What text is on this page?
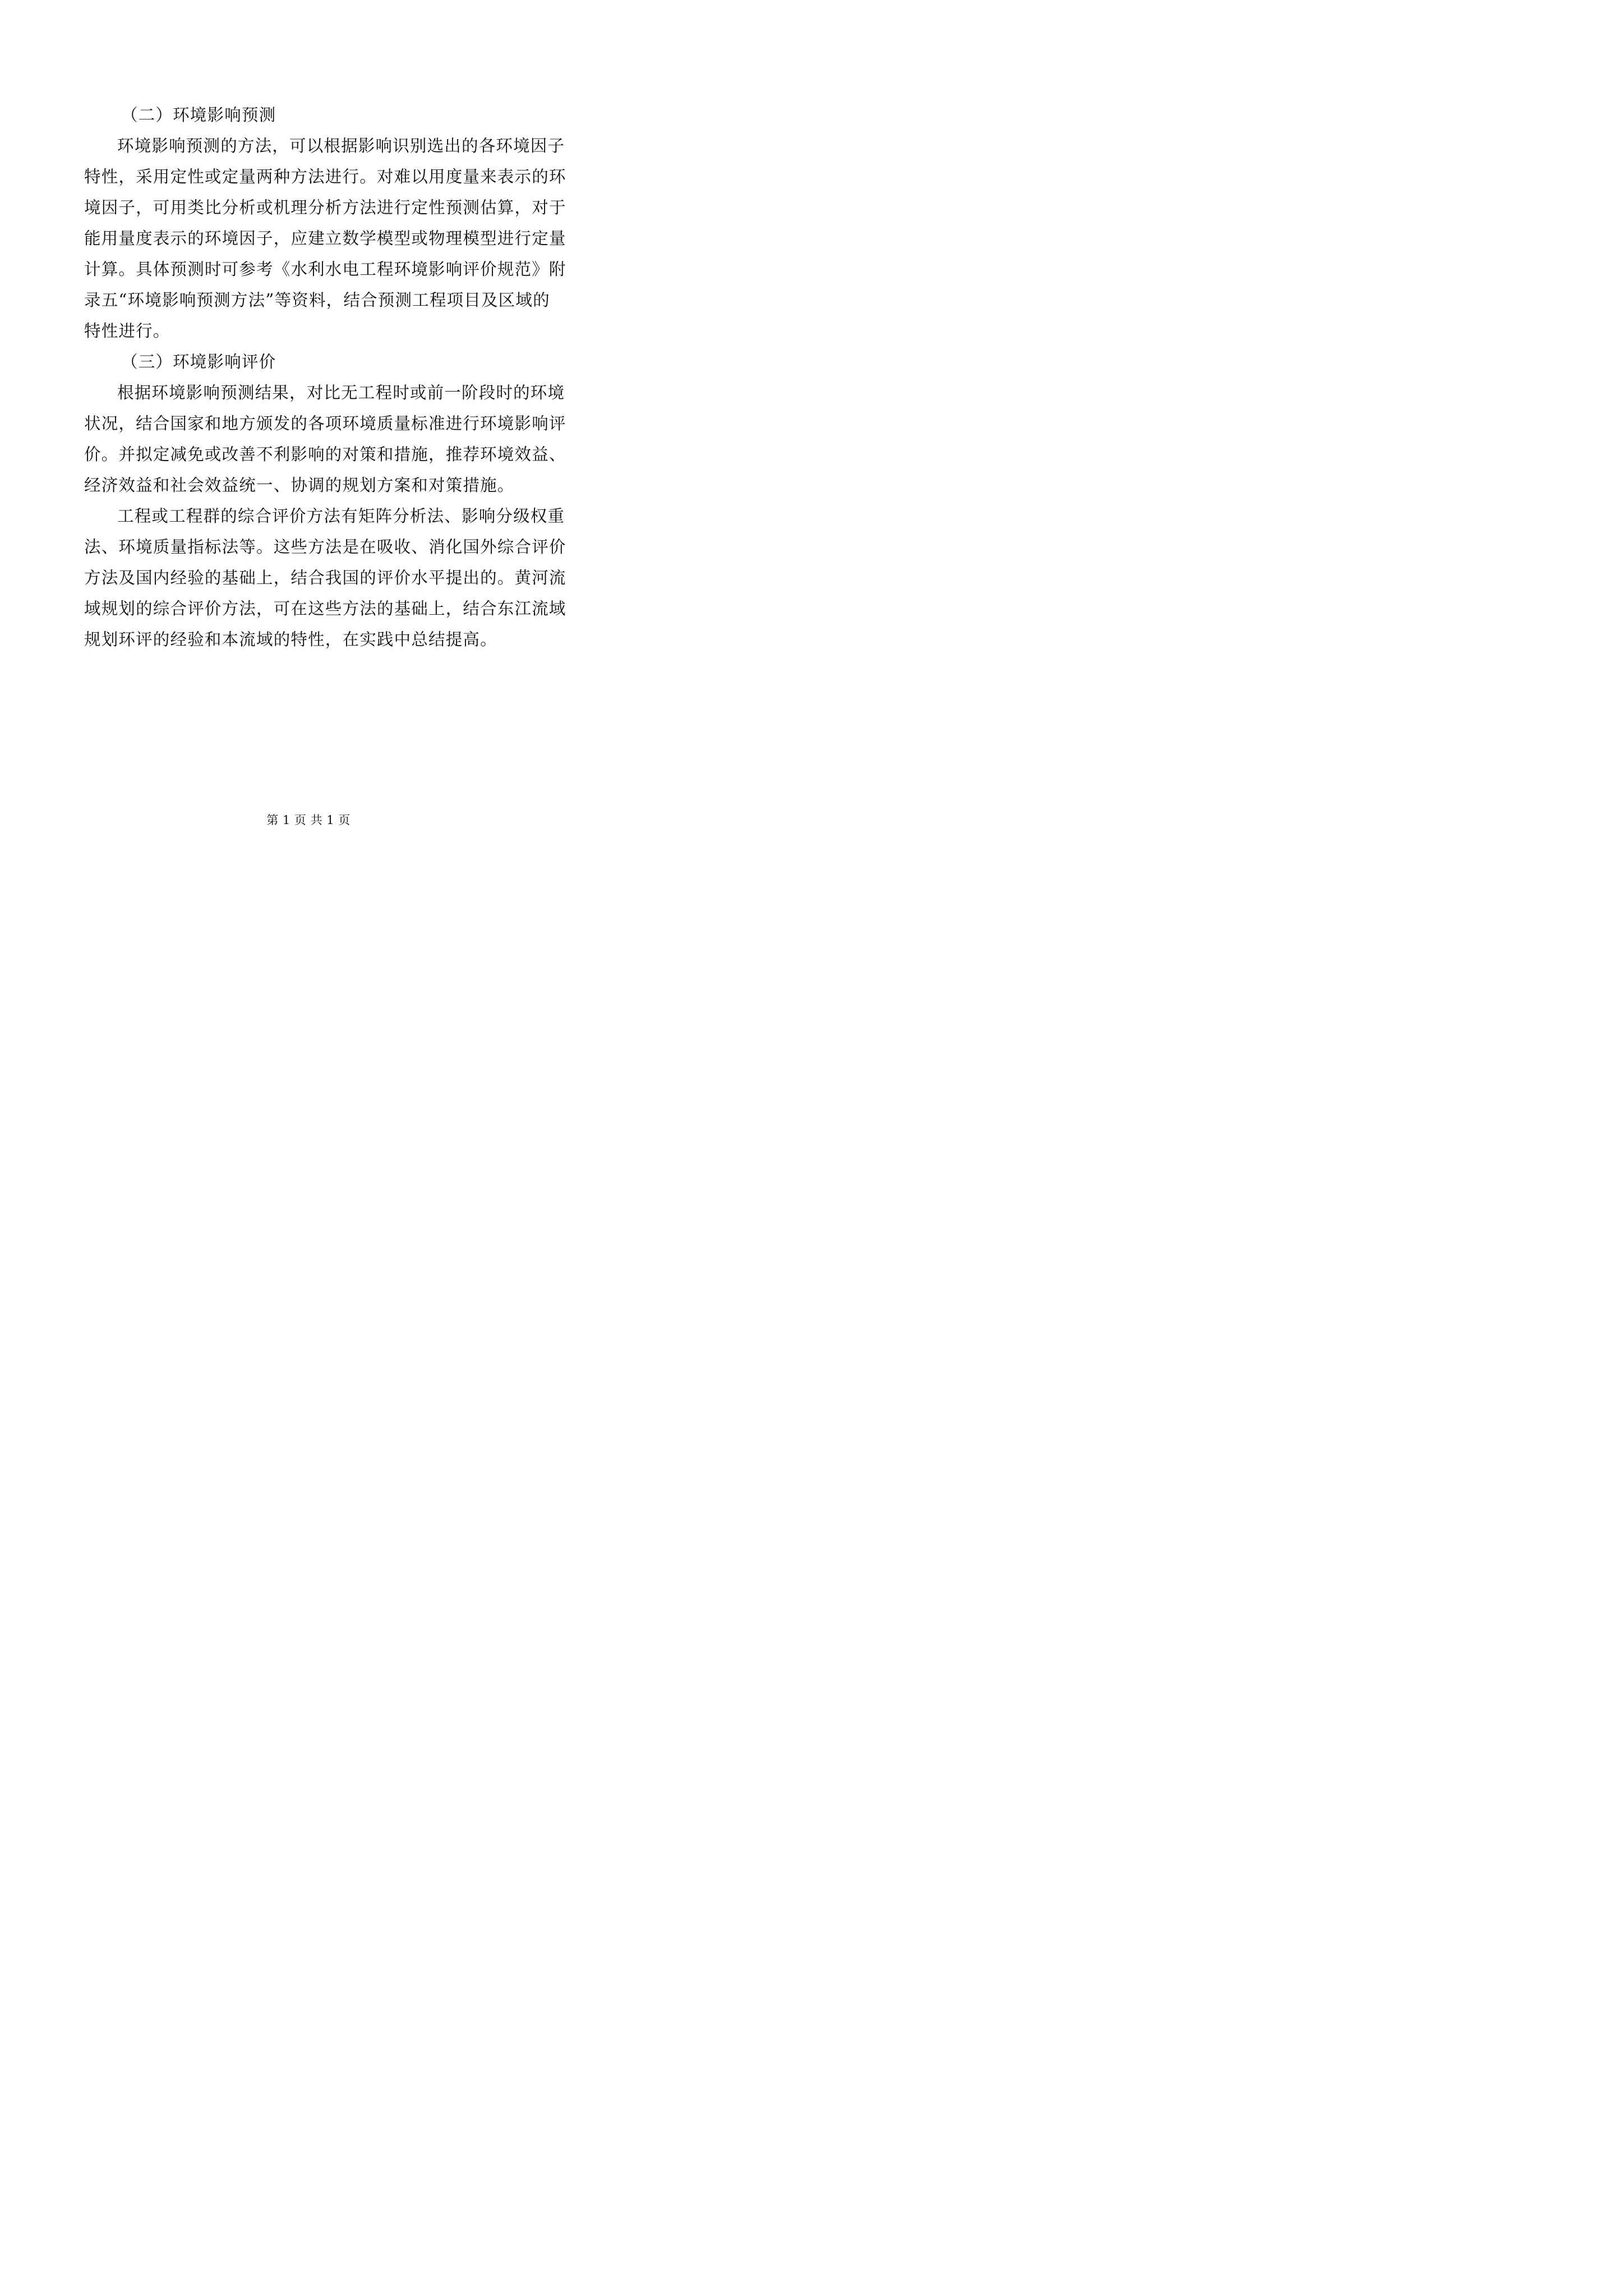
（二）环境影响预测
环境影响预测的方法，可以根据影响识别选出的各环境因子
特性，采用定性或定量两种方法进行。对难以用度量来表示的环
境因子，可用类比分析或机理分析方法进行定性预测估算，对于
能用量度表示的环境因子，应建立数学模型或物理模型进行定量
计算。具体预测时可参考《水利水电工程环境影响评价规范》附
录五“环境影响预测方法”等资料，结合预测工程项目及区域的
特性进行。
（三）环境影响评价
根据环境影响预测结果，对比无工程时或前一阶段时的环境
状况，结合国家和地方颁发的各项环境质量标准进行环境影响评
价。并拟定减免或改善不利影响的对策和措施，推荐环境效益、
经济效益和社会效益统一、协调的规划方案和对策措施。
工程或工程群的综合评价方法有矩阵分析法、影响分级权重
法、环境质量指标法等。这些方法是在吸收、消化国外综合评价
方法及国内经验的基础上，结合我国的评价水平提出的。黄河流
域规划的综合评价方法，可在这些方法的基础上，结合东江流域
规划环评的经验和本流域的特性，在实践中总结提高。
第 1 页 共 1 页
